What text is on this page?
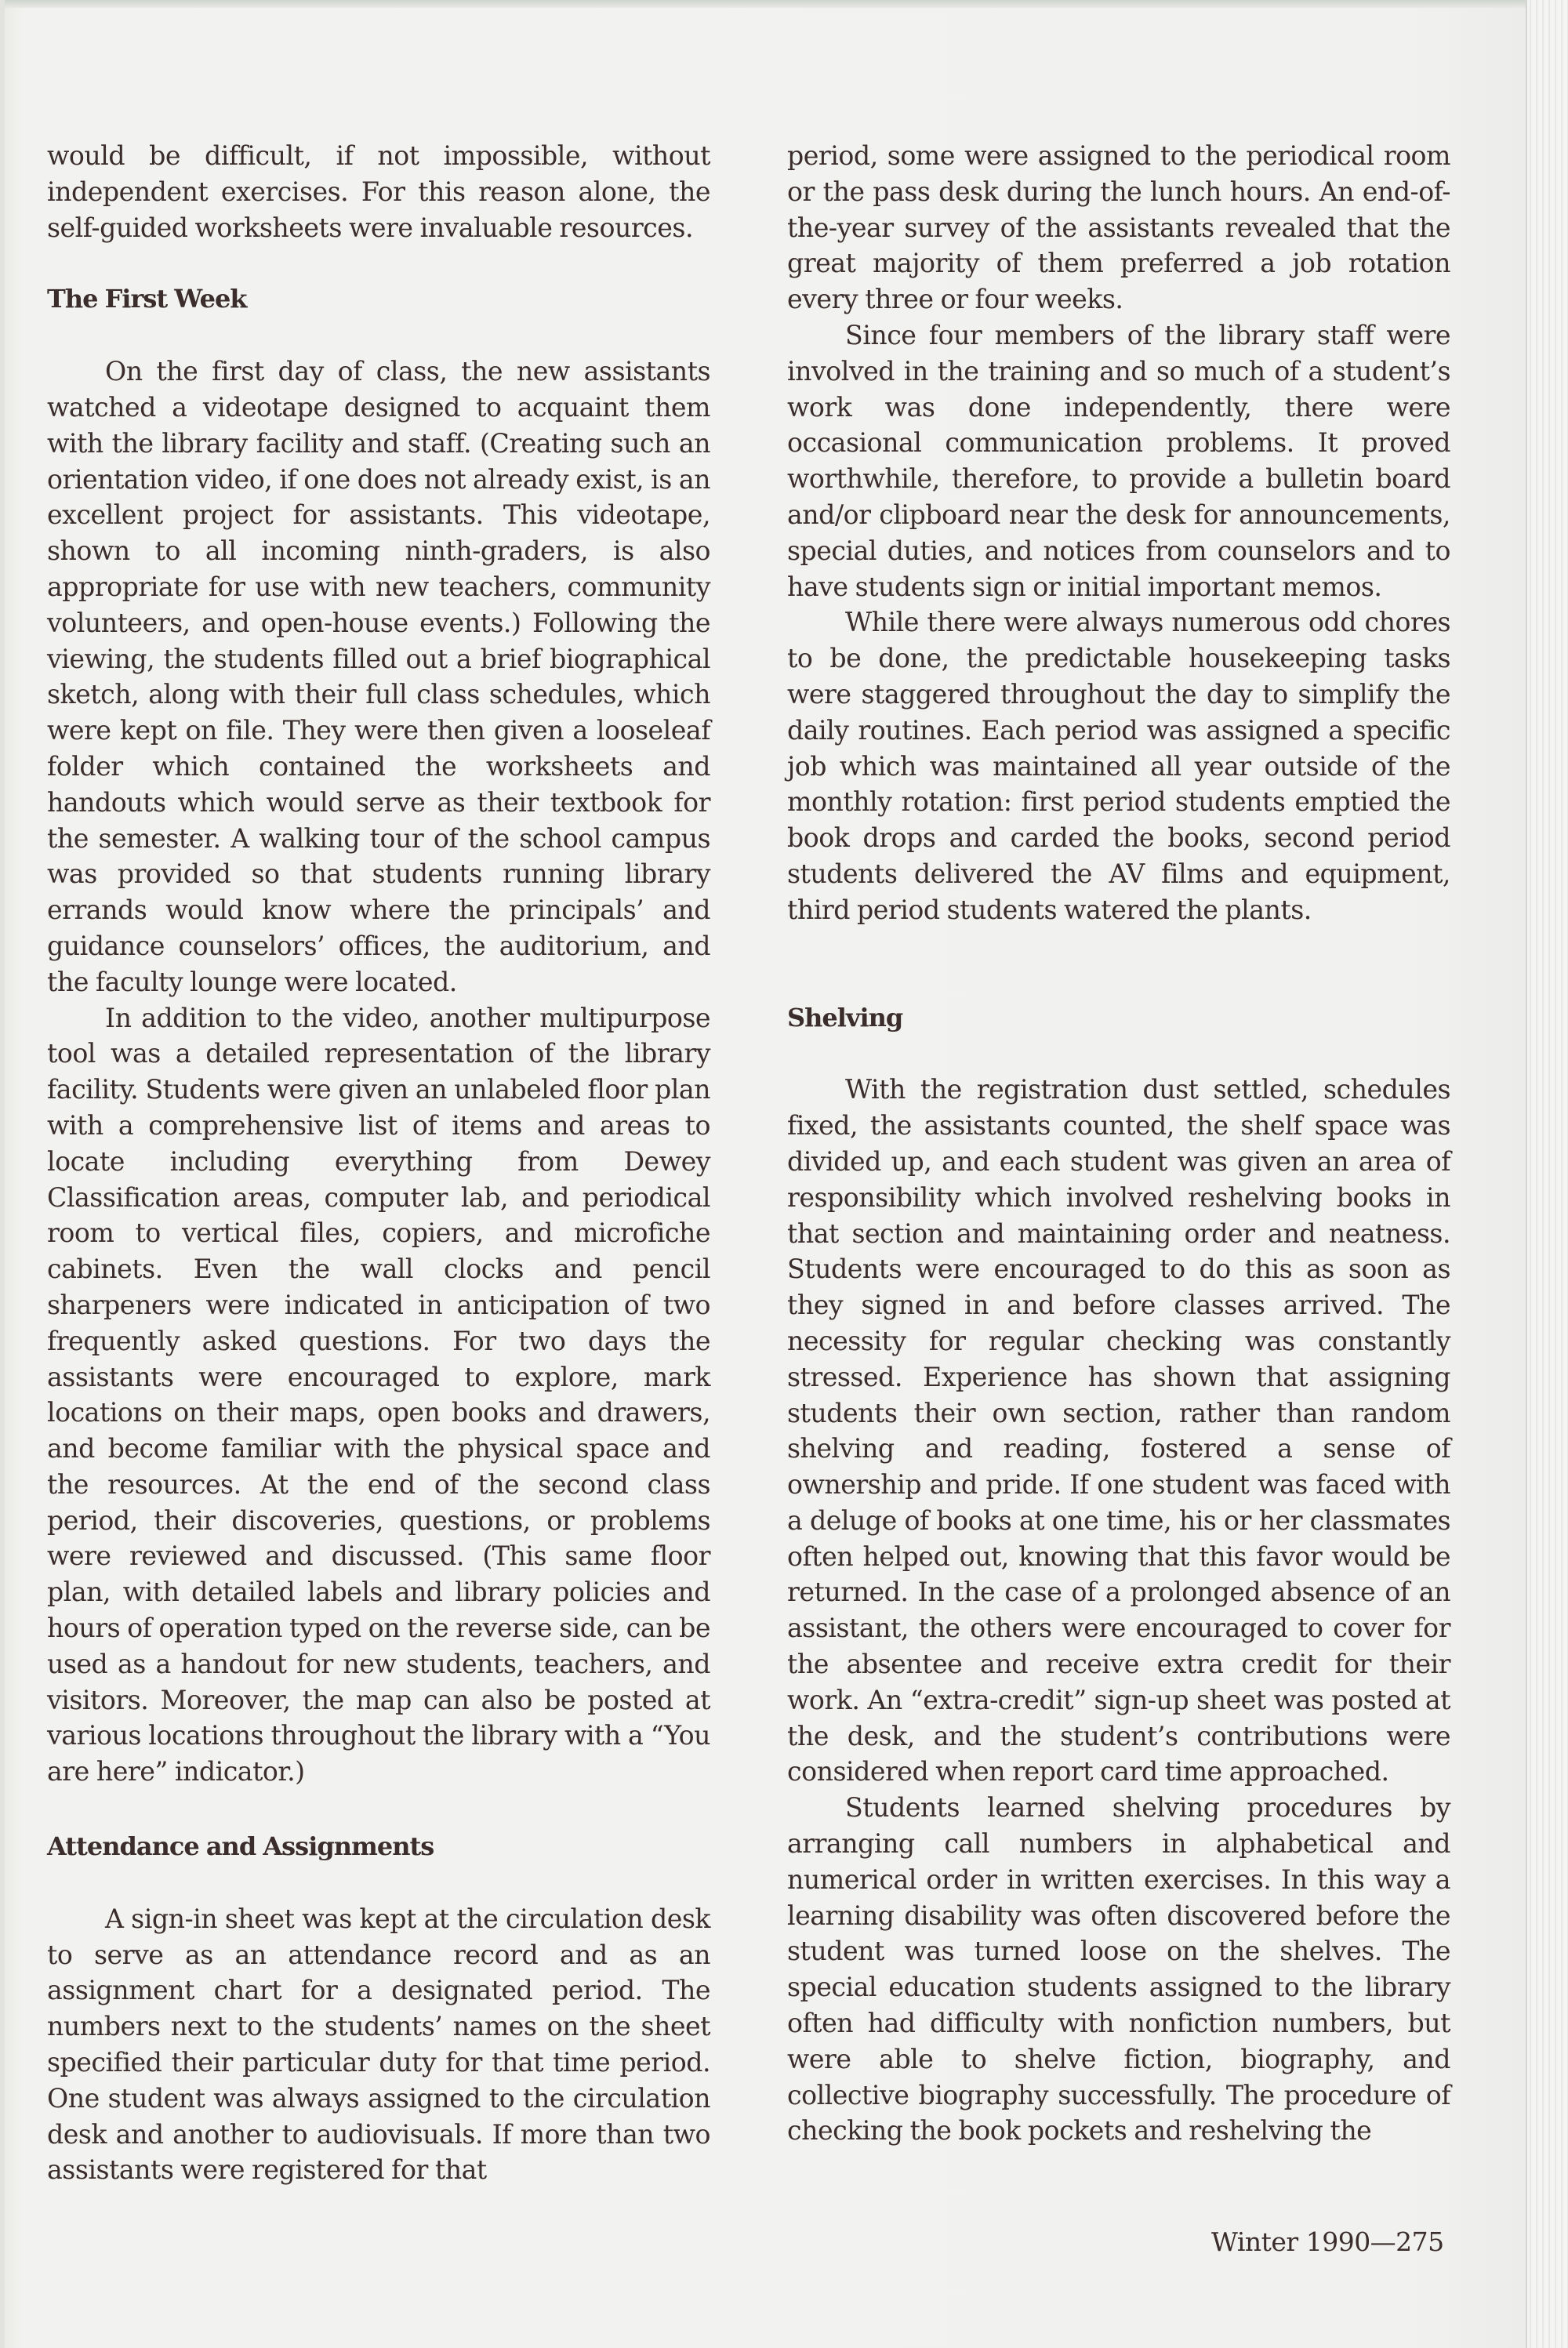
would be difficult, if not impossible, without independent exercises. For this reason alone, the self-guided worksheets were invaluable resources.

The First Week

On the first day of class, the new assistants watched a videotape designed to acquaint them with the library facility and staff. (Creating such an orientation video, if one does not already exist, is an excellent project for assistants. This videotape, shown to all incoming ninth-graders, is also appropriate for use with new teachers, community volunteers, and open-house events.) Following the viewing, the students filled out a brief biographical sketch, along with their full class schedules, which were kept on file. They were then given a looseleaf folder which contained the worksheets and handouts which would serve as their textbook for the semester. A walking tour of the school campus was provided so that students running library errands would know where the principals’ and guidance counselors’ offices, the auditorium, and the faculty lounge were located.

In addition to the video, another multipurpose tool was a detailed representation of the library facility. Students were given an unlabeled floor plan with a comprehensive list of items and areas to locate including everything from Dewey Classification areas, computer lab, and periodical room to vertical files, copiers, and microfiche cabinets. Even the wall clocks and pencil sharpeners were indicated in anticipation of two frequently asked questions. For two days the assistants were encouraged to explore, mark locations on their maps, open books and drawers, and become familiar with the physical space and the resources. At the end of the second class period, their discoveries, questions, or problems were reviewed and discussed. (This same floor plan, with detailed labels and library policies and hours of operation typed on the reverse side, can be used as a handout for new students, teachers, and visitors. Moreover, the map can also be posted at various locations throughout the library with a “You are here” indicator.)

Attendance and Assignments

A sign-in sheet was kept at the circulation desk to serve as an attendance record and as an assignment chart for a designated period. The numbers next to the students’ names on the sheet specified their particular duty for that time period. One student was always assigned to the circulation desk and another to audiovisuals. If more than two assistants were registered for that

period, some were assigned to the periodical room or the pass desk during the lunch hours. An end-of-the-year survey of the assistants revealed that the great majority of them preferred a job rotation every three or four weeks.

Since four members of the library staff were involved in the training and so much of a student’s work was done independently, there were occasional communication problems. It proved worthwhile, therefore, to provide a bulletin board and/or clipboard near the desk for announcements, special duties, and notices from counselors and to have students sign or initial important memos.

While there were always numerous odd chores to be done, the predictable housekeeping tasks were staggered throughout the day to simplify the daily routines. Each period was assigned a specific job which was maintained all year outside of the monthly rotation: first period students emptied the book drops and carded the books, second period students delivered the AV films and equipment, third period students watered the plants.

Shelving

With the registration dust settled, schedules fixed, the assistants counted, the shelf space was divided up, and each student was given an area of responsibility which involved reshelving books in that section and maintaining order and neatness. Students were encouraged to do this as soon as they signed in and before classes arrived. The necessity for regular checking was constantly stressed. Experience has shown that assigning students their own section, rather than random shelving and reading, fostered a sense of ownership and pride. If one student was faced with a deluge of books at one time, his or her classmates often helped out, knowing that this favor would be returned. In the case of a prolonged absence of an assistant, the others were encouraged to cover for the absentee and receive extra credit for their work. An “extra-credit” sign-up sheet was posted at the desk, and the student’s contributions were considered when report card time approached.

Students learned shelving procedures by arranging call numbers in alphabetical and numerical order in written exercises. In this way a learning disability was often discovered before the student was turned loose on the shelves. The special education students assigned to the library often had difficulty with nonfiction numbers, but were able to shelve fiction, biography, and collective biography successfully. The procedure of checking the book pockets and reshelving the

Winter 1990—275
